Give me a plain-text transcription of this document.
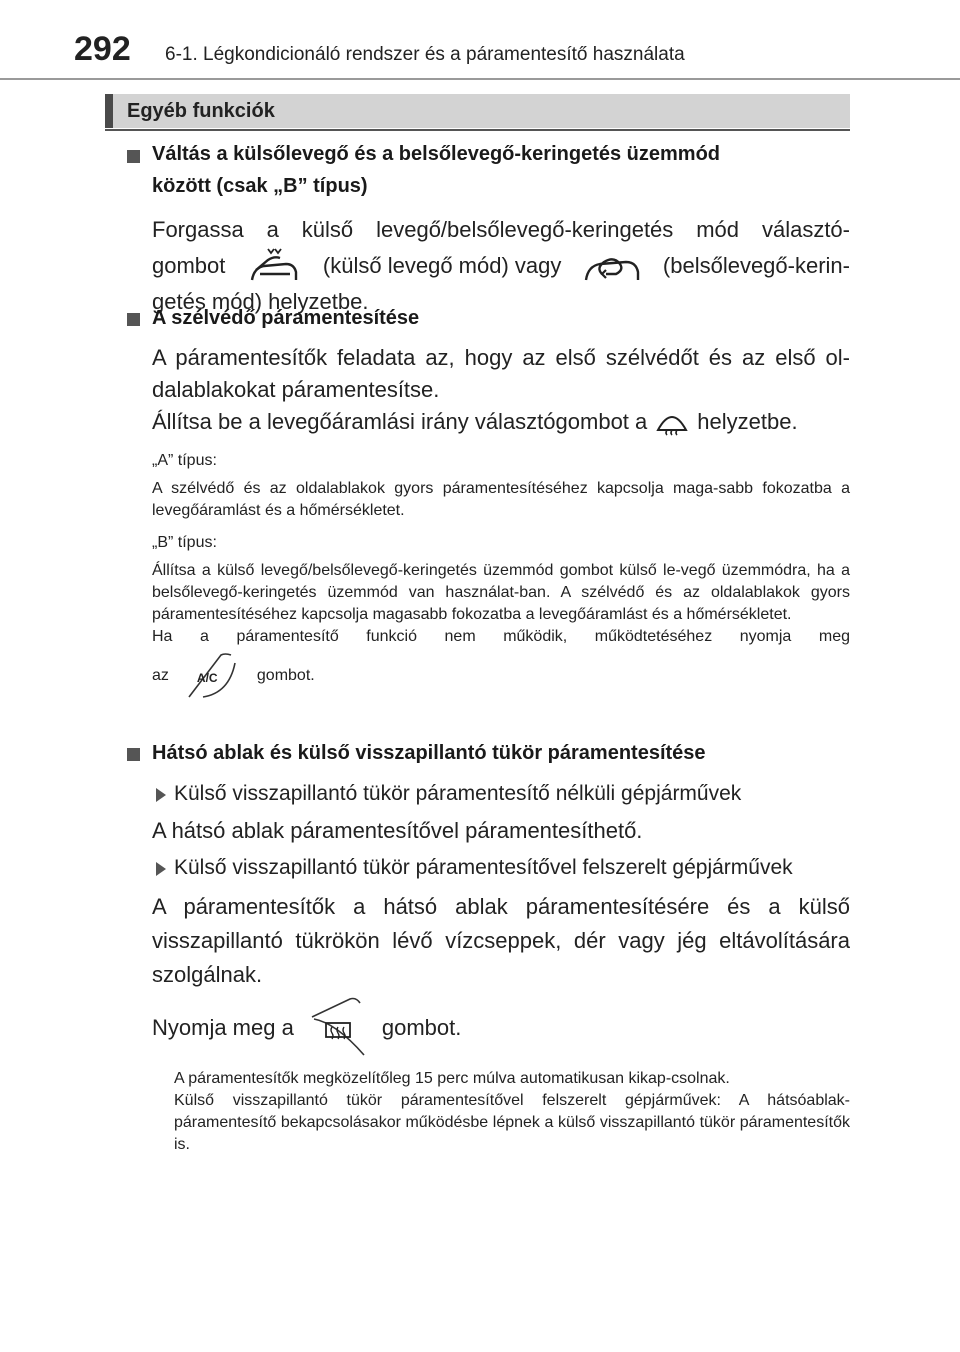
292 6-1. Légkondicionáló rendszer és a páramentesítő használata
Egyéb funkciók
Váltás a külsőlevegő és a belsőlevegő-keringetés üzemmód
között (csak „B” típus)
Forgassa a külső levegő/belsőlevegő-keringetés mód választó-
gombot	(külső levegő mód) vagy	(belsőlevegő-kerin-
getés mód) helyzetbe.
A szélvédő páramentesítése
A páramentesítők feladata az, hogy az első szélvédőt és az első ol-
dalablakokat páramentesítse.
Állítsa be a levegőáramlási irány választógombot a helyzetbe.
„A” típus:
A szélvédő és az oldalablakok gyors páramentesítéséhez kapcsolja maga-sabb fokozatba a levegőáramlást és a hőmérsékletet.
„B” típus:
Állítsa a külső levegő/belsőlevegő-keringetés üzemmód gombot külső le-vegő üzemmódra, ha a belsőlevegő-keringetés üzemmód van használat-ban. A szélvédő és az oldalablakok gyors páramentesítéséhez kapcsolja magasabb fokozatba a levegőáramlást és a hőmérsékletet.
Ha a páramentesítő funkció nem működik, működtetéséhez nyomja meg
az A/C gombot.
Hátsó ablak és külső visszapillantó tükör páramentesítése
Külső visszapillantó tükör páramentesítő nélküli gépjárművek
A hátsó ablak páramentesítővel páramentesíthető.
Külső visszapillantó tükör páramentesítővel felszerelt gépjárművek
A páramentesítők a hátsó ablak páramentesítésére és a külső visszapillantó tükrökön lévő vízcseppek, dér vagy jég eltávolítására szolgálnak.
Nyomja meg a	gombot.
A páramentesítők megközelítőleg 15 perc múlva automatikusan kikap-csolnak.
Külső visszapillantó tükör páramentesítővel felszerelt gépjárművek: A hátsóablak-páramentesítő bekapcsolásakor működésbe lépnek a külső visszapillantó tükör páramentesítők is.
